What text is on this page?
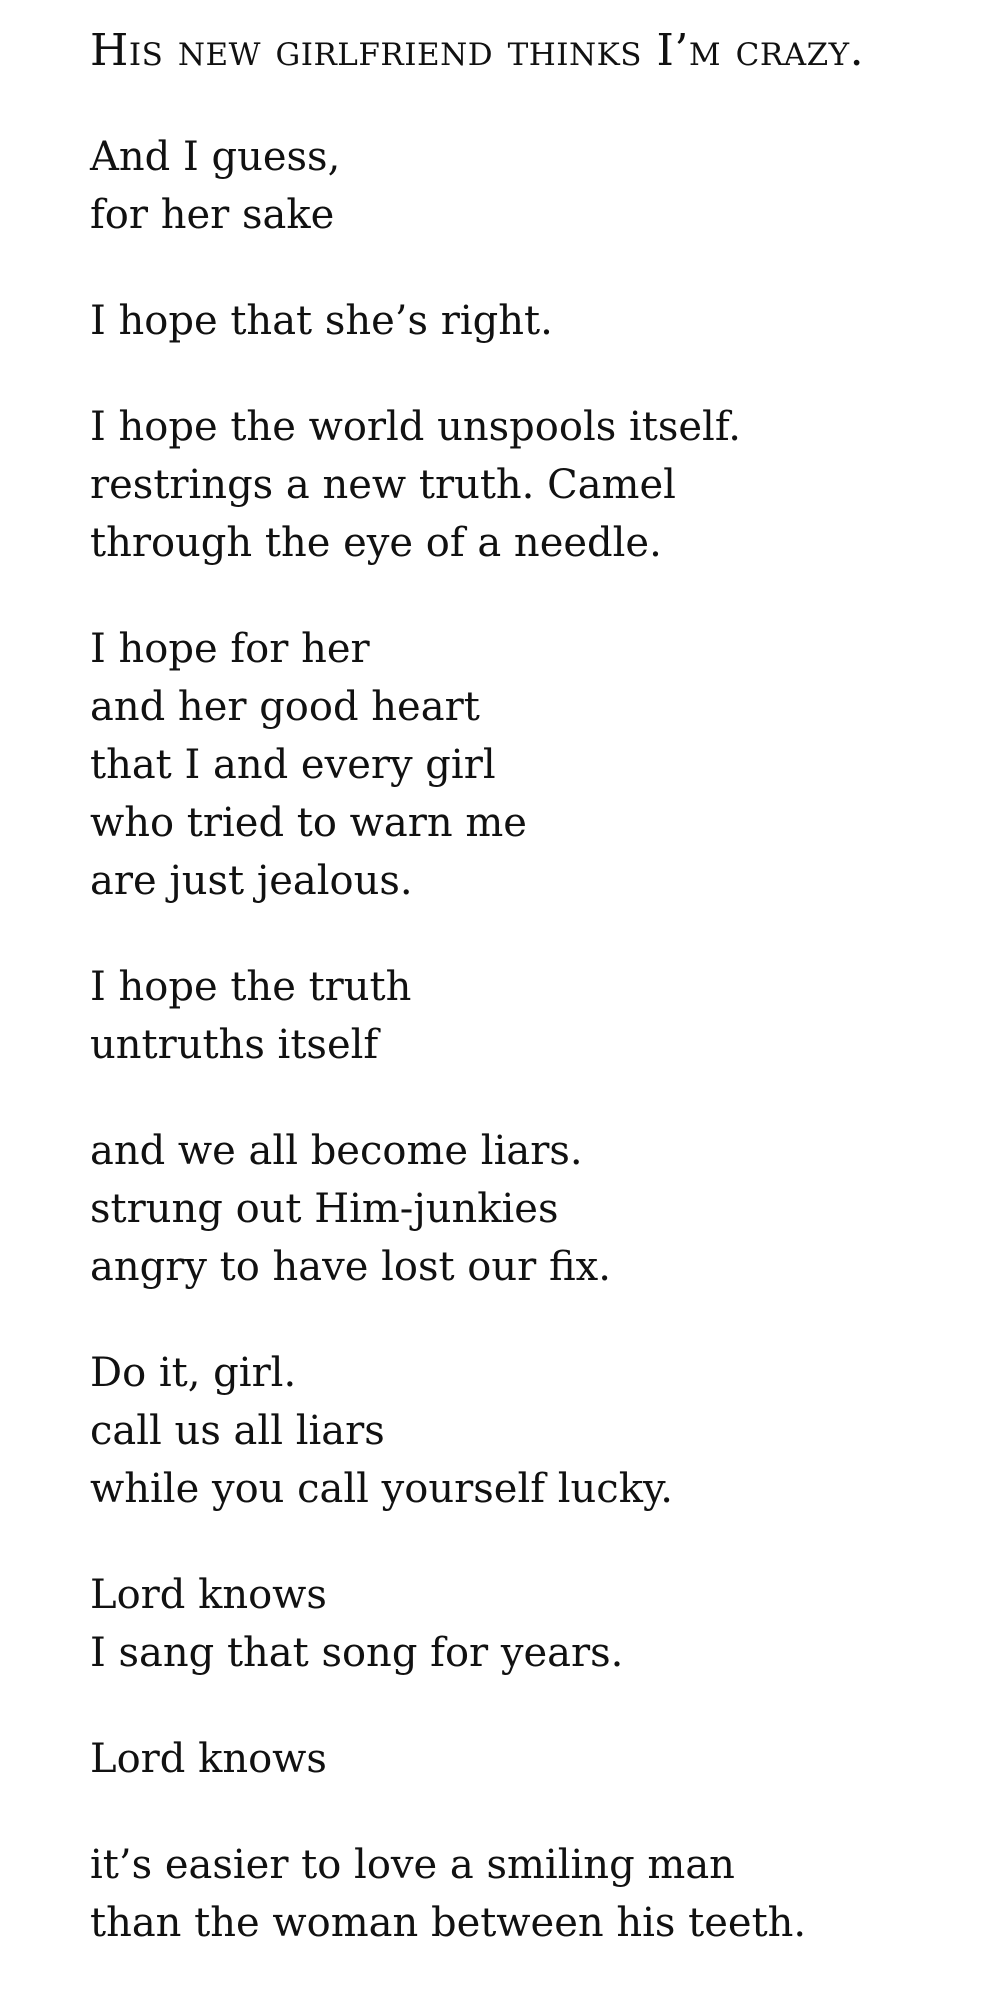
His new girlfriend thinks I’m crazy.

And I guess,
for her sake

I hope that she’s right.

I hope the world unspools itself.
restrings a new truth. Camel
through the eye of a needle.

I hope for her
and her good heart
that I and every girl
who tried to warn me
are just jealous.

I hope the truth
untruths itself

and we all become liars.
strung out Him-junkies
angry to have lost our fix.

Do it, girl.
call us all liars
while you call yourself lucky.

Lord knows
I sang that song for years.

Lord knows

it’s easier to love a smiling man
than the woman between his teeth.
